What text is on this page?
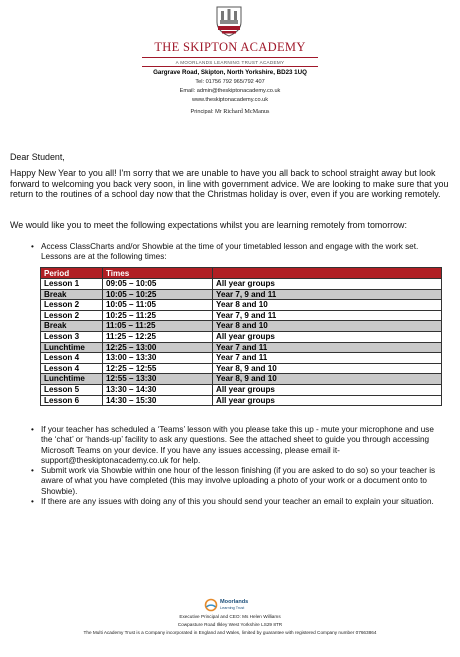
THE SKIPTON ACADEMY
A MOORLANDS LEARNING TRUST ACADEMY
Gargrave Road, Skipton, North Yorkshire, BD23 1UQ
Tel: 01756 792 965/792 407
Email: admin@theskiptonacademy.co.uk
www.theskiptonacademy.co.uk
Principal: Mr Richard McManus
Dear Student,
Happy New Year to you all! I'm sorry that we are unable to have you all back to school straight away but look forward to welcoming you back very soon, in line with government advice. We are looking to make sure that you return to the routines of a school day now that the Christmas holiday is over, even if you are working remotely.
We would like you to meet the following expectations whilst you are learning remotely from tomorrow:
• Access ClassCharts and/or Showbie at the time of your timetabled lesson and engage with the work set. Lessons are at the following times:
Period	Times	
Lesson 1	09:05 – 10:05	All year groups
Break	10:05 – 10:25	Year 7, 9 and 11
Lesson 2	10:05 – 11:05	Year 8 and 10
Lesson 2	10:25 – 11:25	Year 7, 9 and 11
Break	11:05 – 11:25	Year 8 and 10
Lesson 3	11:25 – 12:25	All year groups
Lunchtime	12:25 – 13:00	Year 7 and 11
Lesson 4	13:00 – 13:30	Year 7 and 11
Lesson 4	12:25 – 12:55	Year 8, 9 and 10
Lunchtime	12:55 – 13:30	Year 8, 9 and 10
Lesson 5	13:30 – 14:30	All year groups
Lesson 6	14:30 – 15:30	All year groups
• If your teacher has scheduled a ‘Teams’ lesson with you please take this up - mute your microphone and use the ‘chat’ or ‘hands-up’ facility to ask any questions. See the attached sheet to guide you through accessing Microsoft Teams on your device. If you have any issues accessing, please email it-support@theskiptonacademy.co.uk for help.
• Submit work via Showbie within one hour of the lesson finishing (if you are asked to do so) so your teacher is aware of what you have completed (this may involve uploading a photo of your work or a document onto to Showbie).
• If there are any issues with doing any of this you should send your teacher an email to explain your situation.
Moorlands
Learning Trust
Executive Principal and CEO: Ms Helen Williams
Cowpasture Road Ilkley West Yorkshire LS29 8TR
The Multi Academy Trust is a Company incorporated in England and Wales, limited by guarantee with registered Company number 07663864
